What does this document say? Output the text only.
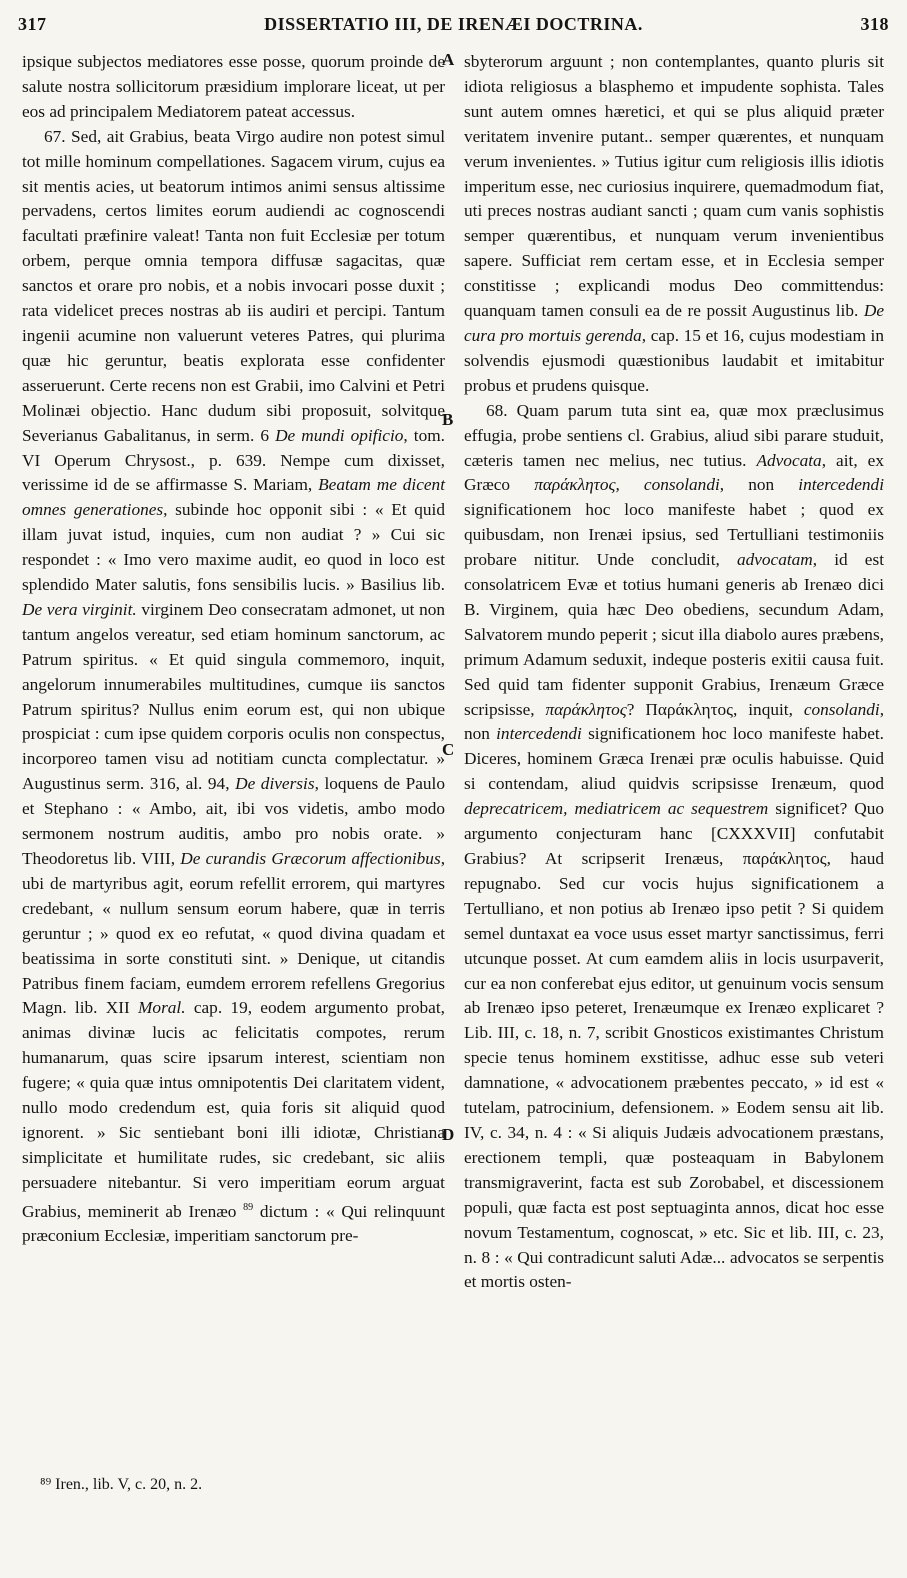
317	DISSERTATIO III, DE IRENÆI DOCTRINA.	318

ipsique subjectos mediatores esse posse, quorum proinde de salute nostra sollicitorum præsidium implorare liceat, ut per eos ad principalem Mediatorem pateat accessus.

67. Sed, ait Grabius, beata Virgo audire non potest simul tot mille hominum compellationes. Sagacem virum, cujus ea sit mentis acies, ut beatorum intimos animi sensus altissime pervadens, certos limites eorum audiendi ac cognoscendi facultati præfinire valeat! Tanta non fuit Ecclesiæ per totum orbem, perque omnia tempora diffusæ sagacitas, quæ sanctos et orare pro nobis, et a nobis invocari posse duxit ; rata videlicet preces nostras ab iis audiri et percipi. Tantum ingenii acumine non valuerunt veteres Patres, qui plurima quæ hic geruntur, beatis explorata esse confidenter asseruerunt. Certe recens non est Grabii, imo Calvini et Petri Molinæi objectio. Hanc dudum sibi proposuit, solvitque Severianus Gabalitanus, in serm. 6 De mundi opificio, tom. VI Operum Chrysost., p. 639. Nempe cum dixisset, verissime id de se affirmasse S. Mariam, Beatam me dicent omnes generationes, subinde hoc opponit sibi : « Et quid illam juvat istud, inquies, cum non audiat ? » Cui sic respondet : « Imo vero maxime audit, eo quod in loco est splendido Mater salutis, fons sensibilis lucis. » Basilius lib. De vera virginit. virginem Deo consecratam admonet, ut non tantum angelos vereatur, sed etiam hominum sanctorum, ac Patrum spiritus. « Et quid singula commemoro, inquit, angelorum innumerabiles multitudines, cumque iis sanctos Patrum spiritus? Nullus enim eorum est, qui non ubique prospiciat : cum ipse quidem corporis oculis non conspectus, incorporeo tamen visu ad notitiam cuncta complectatur. » Augustinus serm. 316, al. 94, De diversis, loquens de Paulo et Stephano : « Ambo, ait, ibi vos videtis, ambo modo sermonem nostrum auditis, ambo pro nobis orate. » Theodoretus lib. VIII, De curandis Græcorum affectionibus, ubi de martyribus agit, eorum refellit errorem, qui martyres credebant, « nullum sensum eorum habere, quæ in terris geruntur ; » quod ex eo refutat, « quod divina quadam et beatissima in sorte constituti sint. » Denique, ut citandis Patribus finem faciam, eumdem errorem refellens Gregorius Magn. lib. XII Moral. cap. 19, eodem argumento probat, animas divinæ lucis ac felicitatis compotes, rerum humanarum, quas scire ipsarum interest, scientiam non fugere; « quia quæ intus omnipotentis Dei claritatem vident, nullo modo credendum est, quia foris sit aliquid quod ignorent. » Sic sentiebant boni illi idiotæ, Christiana simplicitate et humilitate rudes, sic credebant, sic aliis persuadere nitebantur. Si vero imperitiam eorum arguat Grabius, meminerit ab Irenæo $^{89}$ dictum : « Qui relinquunt præconium Ecclesiæ, imperitiam sanctorum pre-

A
B
C
D

sbyterorum arguunt ; non contemplantes, quanto pluris sit idiota religiosus a blasphemo et impudente sophista. Tales sunt autem omnes hæretici, et qui se plus aliquid præter veritatem invenire putant.. semper quærentes, et nunquam verum invenientes. » Tutius igitur cum religiosis illis idiotis imperitum esse, nec curiosius inquirere, quemadmodum fiat, uti preces nostras audiant sancti ; quam cum vanis sophistis semper quærentibus, et nunquam verum invenientibus sapere. Sufficiat rem certam esse, et in Ecclesia semper constitisse ; explicandi modus Deo committendus: quanquam tamen consuli ea de re possit Augustinus lib. De cura pro mortuis gerenda, cap. 15 et 16, cujus modestiam in solvendis ejusmodi quæstionibus laudabit et imitabitur probus et prudens quisque.

68. Quam parum tuta sint ea, quæ mox præclusimus effugia, probe sentiens cl. Grabius, aliud sibi parare studuit, cæteris tamen nec melius, nec tutius. Advocata, ait, ex Græco παράκλητος, consolandi, non intercedendi significationem hoc loco manifeste habet ; quod ex quibusdam, non Irenæi ipsius, sed Tertulliani testimoniis probare nititur. Unde concludit, advocatam, id est consolatricem Evæ et totius humani generis ab Irenæo dici B. Virginem, quia hæc Deo obediens, secundum Adam, Salvatorem mundo peperit ; sicut illa diabolo aures præbens, primum Adamum seduxit, indeque posteris exitii causa fuit. Sed quid tam fidenter supponit Grabius, Irenæum Græce scripsisse, παράκλητος? Παράκλητος, inquit, consolandi, non intercedendi significationem hoc loco manifeste habet. Diceres, hominem Græca Irenæi præ oculis habuisse. Quid si contendam, aliud quidvis scripsisse Irenæum, quod deprecatricem, mediatricem ac sequestrem significet? Quo argumento conjecturam hanc [CXXXVII] confutabit Grabius? At scripserit Irenæus, παράκλητος, haud repugnabo. Sed cur vocis hujus significationem a Tertulliano, et non potius ab Irenæo ipso petit ? Si quidem semel duntaxat ea voce usus esset martyr sanctissimus, ferri utcunque posset. At cum eamdem aliis in locis usurpaverit, cur ea non conferebat ejus editor, ut genuinum vocis sensum ab Irenæo ipso peteret, Irenæumque ex Irenæo explicaret ? Lib. III, c. 18, n. 7, scribit Gnosticos existimantes Christum specie tenus hominem exstitisse, adhuc esse sub veteri damnatione, « advocationem præbentes peccato, » id est « tutelam, patrocinium, defensionem. » Eodem sensu ait lib. IV, c. 34, n. 4 : « Si aliquis Judæis advocationem præstans, erectionem templi, quæ posteaquam in Babylonem transmigraverint, facta est sub Zorobabel, et discessionem populi, quæ facta est post septuaginta annos, dicat hoc esse novum Testamentum, cognoscat, » etc. Sic et lib. III, c. 23, n. 8 : « Qui contradicunt saluti Adæ... advocatos se serpentis et mortis osten-

⁸⁹ Iren., lib. V, c. 20, n. 2.
